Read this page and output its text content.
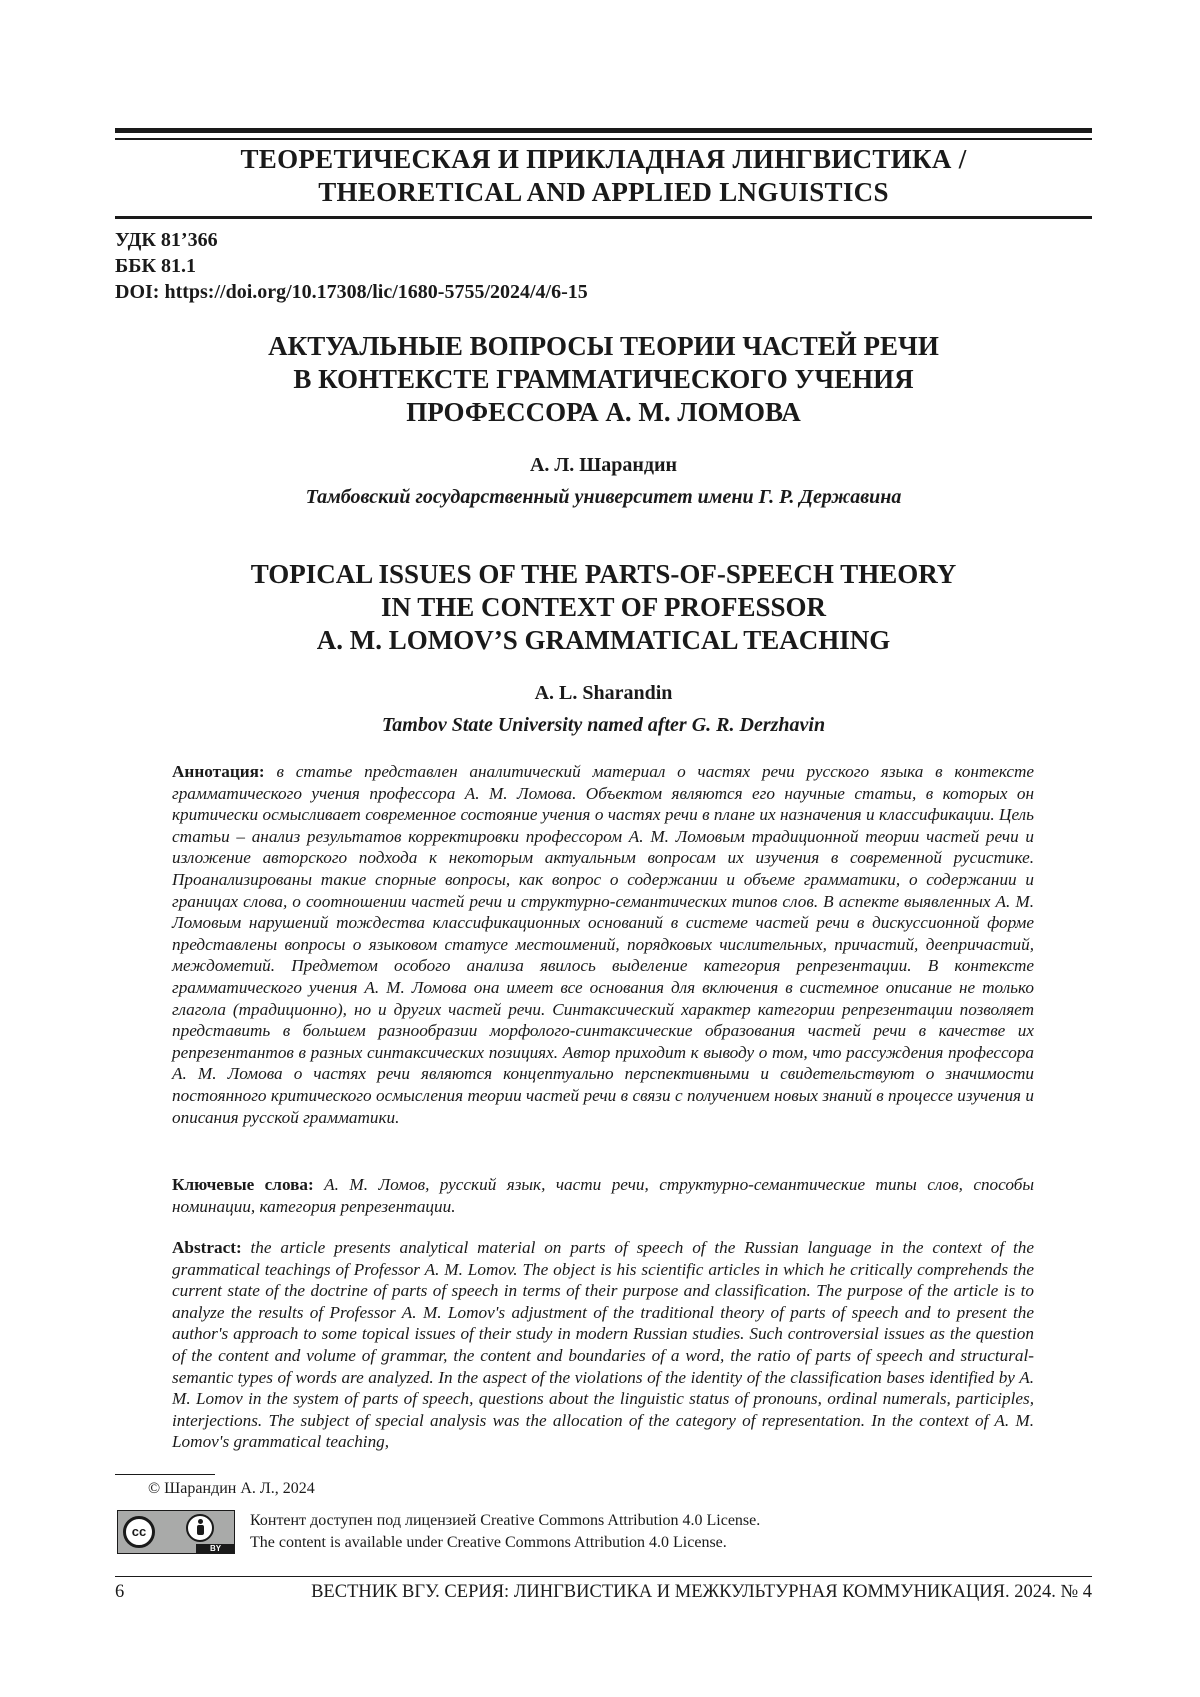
ТЕОРЕТИЧЕСКАЯ И ПРИКЛАДНАЯ ЛИНГВИСТИКА /
THEORETICAL AND APPLIED LNGUISTICS
УДК 81’366
ББК 81.1
DOI: https://doi.org/10.17308/lic/1680-5755/2024/4/6-15
АКТУАЛЬНЫЕ ВОПРОСЫ ТЕОРИИ ЧАСТЕЙ РЕЧИ
В КОНТЕКСТЕ ГРАММАТИЧЕСКОГО УЧЕНИЯ
ПРОФЕССОРА А. М. ЛОМОВА
А. Л. Шарандин
Тамбовский государственный университет имени Г. Р. Державина
TOPICAL ISSUES OF THE PARTS-OF-SPEECH THEORY
IN THE CONTEXT OF PROFESSOR
A. M. LOMOV’S GRAMMATICAL TEACHING
A. L. Sharandin
Tambov State University named after G. R. Derzhavin
Аннотация: в статье представлен аналитический материал о частях речи русского языка в контексте грамматического учения профессора А. М. Ломова. Объектом являются его научные статьи, в которых он критически осмысливает современное состояние учения о частях речи в плане их назначения и классификации. Цель статьи – анализ результатов корректировки профессором А. М. Ломовым традиционной теории частей речи и изложение авторского подхода к некоторым актуальным вопросам их изучения в современной русистике. Проанализированы такие спорные вопросы, как вопрос о содержании и объеме грамматики, о содержании и границах слова, о соотношении частей речи и структурно-семантических типов слов. В аспекте выявленных А. М. Ломовым нарушений тождества классификационных оснований в системе частей речи в дискуссионной форме представлены вопросы о языковом статусе местоимений, порядковых числительных, причастий, деепричастий, междометий. Предметом особого анализа явилось выделение категория репрезентации. В контексте грамматического учения А. М. Ломова она имеет все основания для включения в системное описание не только глагола (традиционно), но и других частей речи. Синтаксический характер категории репрезентации позволяет представить в большем разнообразии морфолого-синтаксические образования частей речи в качестве их репрезентантов в разных синтаксических позициях. Автор приходит к выводу о том, что рассуждения профессора А. М. Ломова о частях речи являются концептуально перспективными и свидетельствуют о значимости постоянного критического осмысления теории частей речи в связи с получением новых знаний в процессе изучения и описания русской грамматики.
Ключевые слова: А. М. Ломов, русский язык, части речи, структурно-семантические типы слов, способы номинации, категория репрезентации.
Abstract: the article presents analytical material on parts of speech of the Russian language in the context of the grammatical teachings of Professor A. M. Lomov. The object is his scientific articles in which he critically comprehends the current state of the doctrine of parts of speech in terms of their purpose and classification. The purpose of the article is to analyze the results of Professor A. M. Lomov's adjustment of the traditional theory of parts of speech and to present the author's approach to some topical issues of their study in modern Russian studies. Such controversial issues as the question of the content and volume of grammar, the content and boundaries of a word, the ratio of parts of speech and structural-semantic types of words are analyzed. In the aspect of the violations of the identity of the classification bases identified by A. M. Lomov in the system of parts of speech, questions about the linguistic status of pronouns, ordinal numerals, participles, interjections. The subject of special analysis was the allocation of the category of representation. In the context of A. M. Lomov's grammatical teaching,
© Шарандин А. Л., 2024
cc
BY
Контент доступен под лицензией Creative Commons Attribution 4.0 License.
The content is available under Creative Commons Attribution 4.0 License.
6	ВЕСТНИК ВГУ. СЕРИЯ: ЛИНГВИСТИКА И МЕЖКУЛЬТУРНАЯ КОММУНИКАЦИЯ. 2024. № 4
